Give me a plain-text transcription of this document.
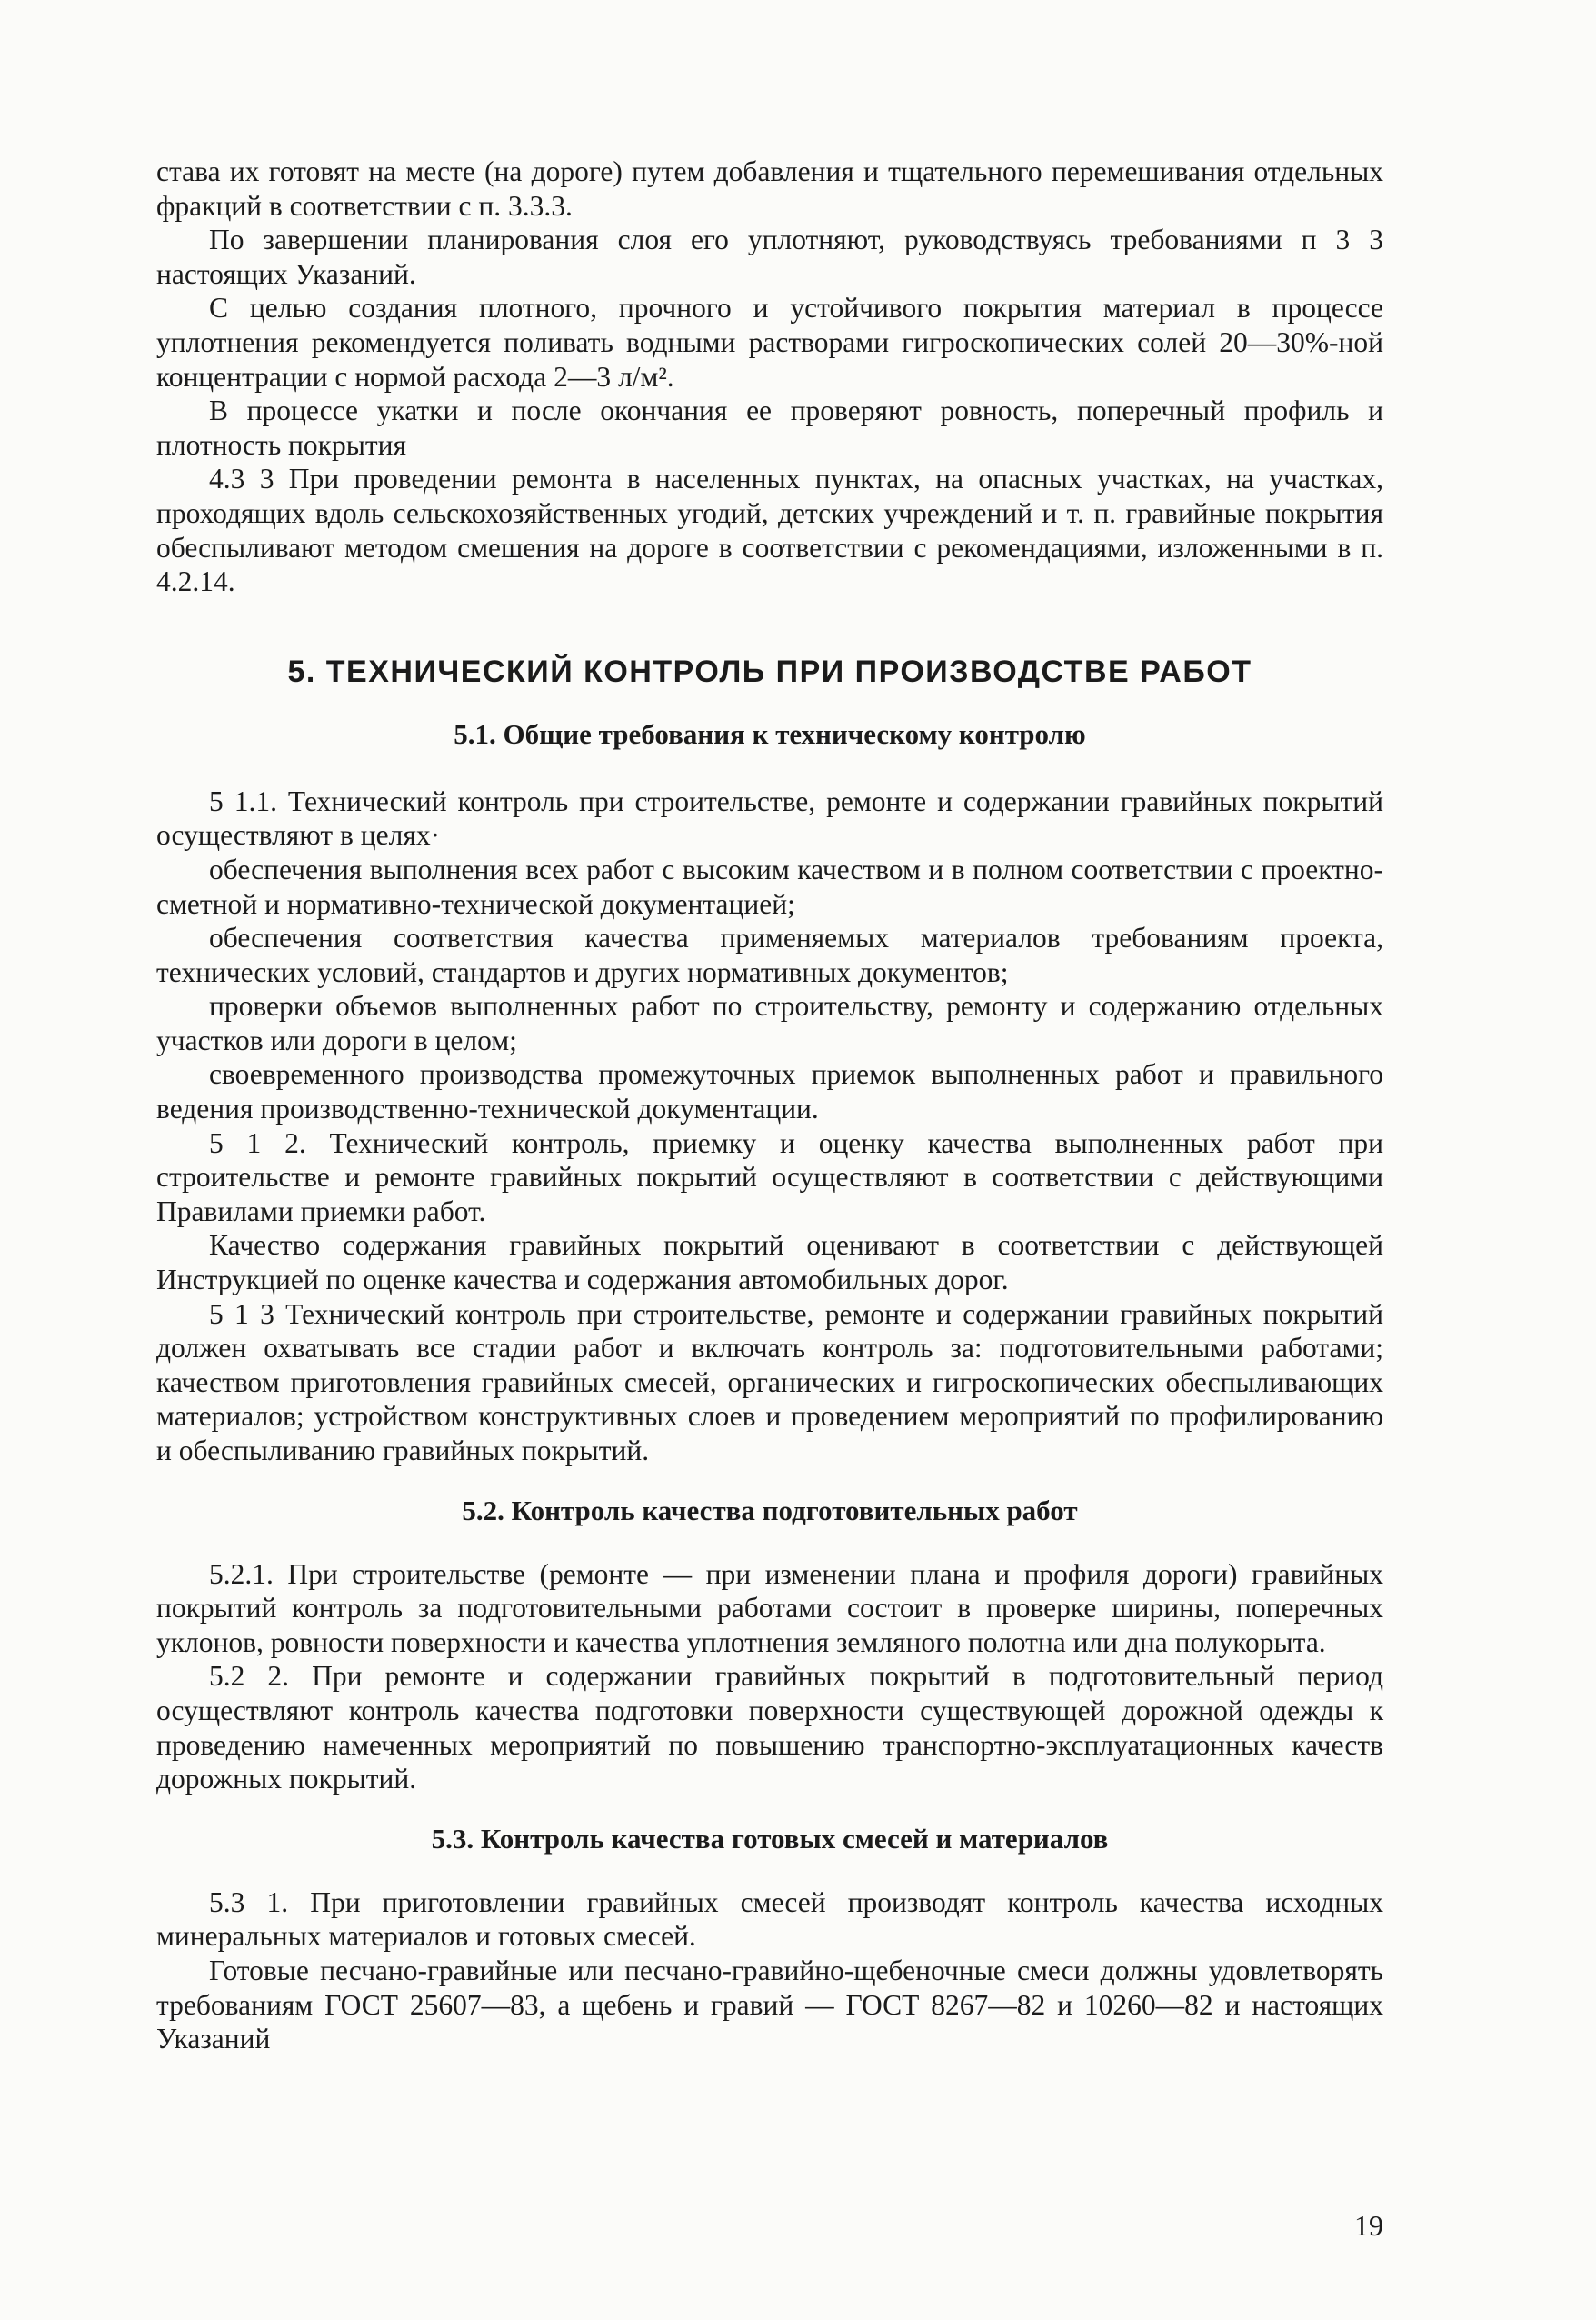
става их готовят на месте (на дороге) путем добавления и тщательного перемешивания отдельных фракций в соответствии с п. 3.3.3.

По завершении планирования слоя его уплотняют, руководствуясь требованиями п 3 3 настоящих Указаний.

С целью создания плотного, прочного и устойчивого покрытия материал в процессе уплотнения рекомендуется поливать водными растворами гигроскопических солей 20—30%-ной концентрации с нормой расхода 2—3 л/м².

В процессе укатки и после окончания ее проверяют ровность, поперечный профиль и плотность покрытия

4.3 3 При проведении ремонта в населенных пунктах, на опасных участках, на участках, проходящих вдоль сельскохозяйственных угодий, детских учреждений и т. п. гравийные покрытия обеспыливают методом смешения на дороге в соответствии с рекомендациями, изложенными в п. 4.2.14.

5. ТЕХНИЧЕСКИЙ КОНТРОЛЬ ПРИ ПРОИЗВОДСТВЕ РАБОТ
5.1. Общие требования к техническому контролю

5 1.1. Технический контроль при строительстве, ремонте и содержании гравийных покрытий осуществляют в целях·

обеспечения выполнения всех работ с высоким качеством и в полном соответствии с проектно-сметной и нормативно-технической документацией;

обеспечения соответствия качества применяемых материалов требованиям проекта, технических условий, стандартов и других нормативных документов;

проверки объемов выполненных работ по строительству, ремонту и содержанию отдельных участков или дороги в целом;

своевременного производства промежуточных приемок выполненных работ и правильного ведения производственно-технической документации.

5 1 2. Технический контроль, приемку и оценку качества выполненных работ при строительстве и ремонте гравийных покрытий осуществляют в соответствии с действующими Правилами приемки работ.

Качество содержания гравийных покрытий оценивают в соответствии с действующей Инструкцией по оценке качества и содержания автомобильных дорог.

5 1 3 Технический контроль при строительстве, ремонте и содержании гравийных покрытий должен охватывать все стадии работ и включать контроль за: подготовительными работами; качеством приготовления гравийных смесей, органических и гигроскопических обеспыливающих материалов; устройством конструктивных слоев и проведением мероприятий по профилированию и обеспыливанию гравийных покрытий.

5.2. Контроль качества подготовительных работ

5.2.1. При строительстве (ремонте — при изменении плана и профиля дороги) гравийных покрытий контроль за подготовительными работами состоит в проверке ширины, поперечных уклонов, ровности поверхности и качества уплотнения земляного полотна или дна полукорыта.

5.2 2. При ремонте и содержании гравийных покрытий в подготовительный период осуществляют контроль качества подготовки поверхности существующей дорожной одежды к проведению намеченных мероприятий по повышению транспортно-эксплуатационных качеств дорожных покрытий.

5.3. Контроль качества готовых смесей и материалов

5.3 1. При приготовлении гравийных смесей производят контроль качества исходных минеральных материалов и готовых смесей.

Готовые песчано-гравийные или песчано-гравийно-щебеночные смеси должны удовлетворять требованиям ГОСТ 25607—83, а щебень и гравий — ГОСТ 8267—82 и 10260—82 и настоящих Указаний

19
